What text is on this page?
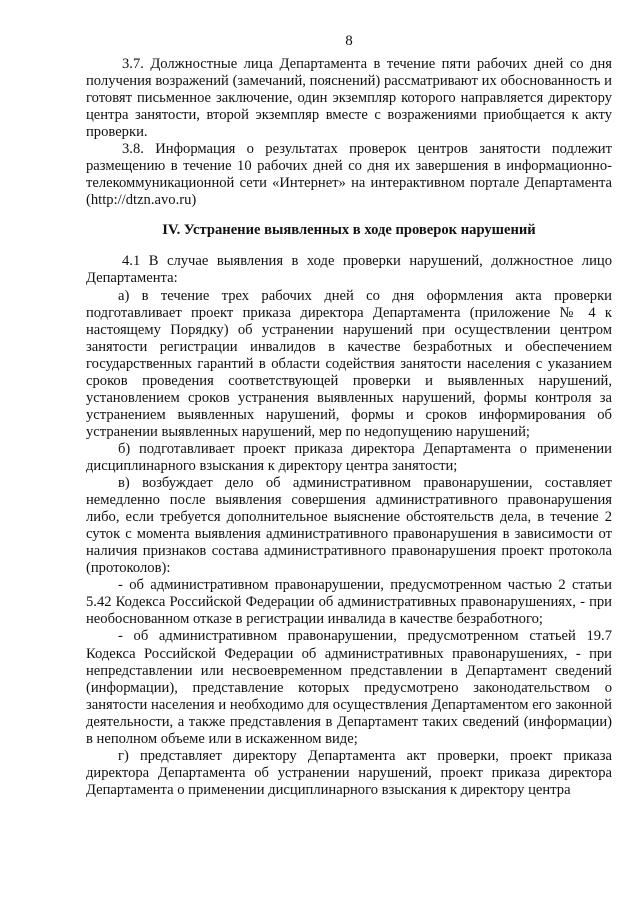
8

3.7. Должностные лица Департамента в течение пяти рабочих дней со дня получения возражений (замечаний, пояснений) рассматривают их обоснованность и готовят письменное заключение, один экземпляр которого направляется директору центра занятости, второй экземпляр вместе с возражениями приобщается к акту проверки.

3.8. Информация о результатах проверок центров занятости подлежит размещению в течение 10 рабочих дней со дня их завершения в информационно-телекоммуникационной сети «Интернет» на интерактивном портале Департамента (http://dtzn.avo.ru)

IV. Устранение выявленных в ходе проверок нарушений

4.1 В случае выявления в ходе проверки нарушений, должностное лицо Департамента:

а) в течение трех рабочих дней со дня оформления акта проверки подготавливает проект приказа директора Департамента (приложение № 4 к настоящему Порядку) об устранении нарушений при осуществлении центром занятости регистрации инвалидов в качестве безработных и обеспечением государственных гарантий в области содействия занятости населения с указанием сроков проведения соответствующей проверки и выявленных нарушений, установлением сроков устранения выявленных нарушений, формы контроля за устранением выявленных нарушений, формы и сроков информирования об устранении выявленных нарушений, мер по недопущению нарушений;

б) подготавливает проект приказа директора Департамента о применении дисциплинарного взыскания к директору центра занятости;

в) возбуждает дело об административном правонарушении, составляет немедленно после выявления совершения административного правонарушения либо, если требуется дополнительное выяснение обстоятельств дела, в течение 2 суток с момента выявления административного правонарушения в зависимости от наличия признаков состава административного правонарушения проект протокола (протоколов):

- об административном правонарушении, предусмотренном частью 2 статьи 5.42 Кодекса Российской Федерации об административных правонарушениях, - при необоснованном отказе в регистрации инвалида в качестве безработного;

- об административном правонарушении, предусмотренном статьей 19.7 Кодекса Российской Федерации об административных правонарушениях, - при непредставлении или несвоевременном представлении в Департамент сведений (информации), представление которых предусмотрено законодательством о занятости населения и необходимо для осуществления Департаментом его законной деятельности, а также представления в Департамент таких сведений (информации) в неполном объеме или в искаженном виде;

г) представляет директору Департамента акт проверки, проект приказа директора Департамента об устранении нарушений, проект приказа директора Департамента о применении дисциплинарного взыскания к директору центра
